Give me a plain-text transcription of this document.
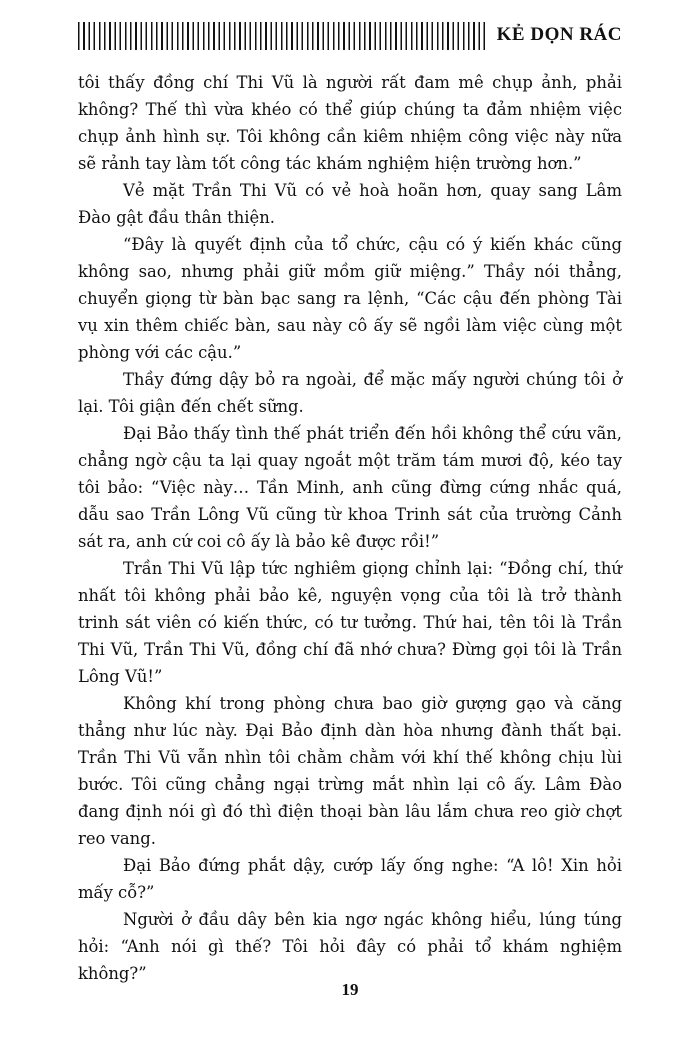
KẺ DỌN RÁC

tôi thấy đồng chí Thi Vũ là người rất đam mê chụp ảnh, phải không? Thế thì vừa khéo có thể giúp chúng ta đảm nhiệm việc chụp ảnh hình sự. Tôi không cần kiêm nhiệm công việc này nữa sẽ rảnh tay làm tốt công tác khám nghiệm hiện trường hơn.”

Vẻ mặt Trần Thi Vũ có vẻ hoà hoãn hơn, quay sang Lâm Đào gật đầu thân thiện.

“Đây là quyết định của tổ chức, cậu có ý kiến khác cũng không sao, nhưng phải giữ mồm giữ miệng.” Thầy nói thẳng, chuyển giọng từ bàn bạc sang ra lệnh, “Các cậu đến phòng Tài vụ xin thêm chiếc bàn, sau này cô ấy sẽ ngồi làm việc cùng một phòng với các cậu.”

Thầy đứng dậy bỏ ra ngoài, để mặc mấy người chúng tôi ở lại. Tôi giận đến chết sững.

Đại Bảo thấy tình thế phát triển đến hồi không thể cứu vãn, chẳng ngờ cậu ta lại quay ngoắt một trăm tám mươi độ, kéo tay tôi bảo: “Việc này… Tần Minh, anh cũng đừng cứng nhắc quá, dẫu sao Trần Lông Vũ cũng từ khoa Trinh sát của trường Cảnh sát ra, anh cứ coi cô ấy là bảo kê được rồi!”

Trần Thi Vũ lập tức nghiêm giọng chỉnh lại: “Đồng chí, thứ nhất tôi không phải bảo kê, nguyện vọng của tôi là trở thành trinh sát viên có kiến thức, có tư tưởng. Thứ hai, tên tôi là Trần Thi Vũ, Trần Thi Vũ, đồng chí đã nhớ chưa? Đừng gọi tôi là Trần Lông Vũ!”

Không khí trong phòng chưa bao giờ gượng gạo và căng thẳng như lúc này. Đại Bảo định dàn hòa nhưng đành thất bại. Trần Thi Vũ vẫn nhìn tôi chằm chằm với khí thế không chịu lùi bước. Tôi cũng chẳng ngại trừng mắt nhìn lại cô ấy. Lâm Đào đang định nói gì đó thì điện thoại bàn lâu lắm chưa reo giờ chợt reo vang.

Đại Bảo đứng phắt dậy, cướp lấy ống nghe: “A lô! Xin hỏi mấy cỗ?”

Người ở đầu dây bên kia ngơ ngác không hiểu, lúng túng hỏi: “Anh nói gì thế? Tôi hỏi đây có phải tổ khám nghiệm không?”

19
